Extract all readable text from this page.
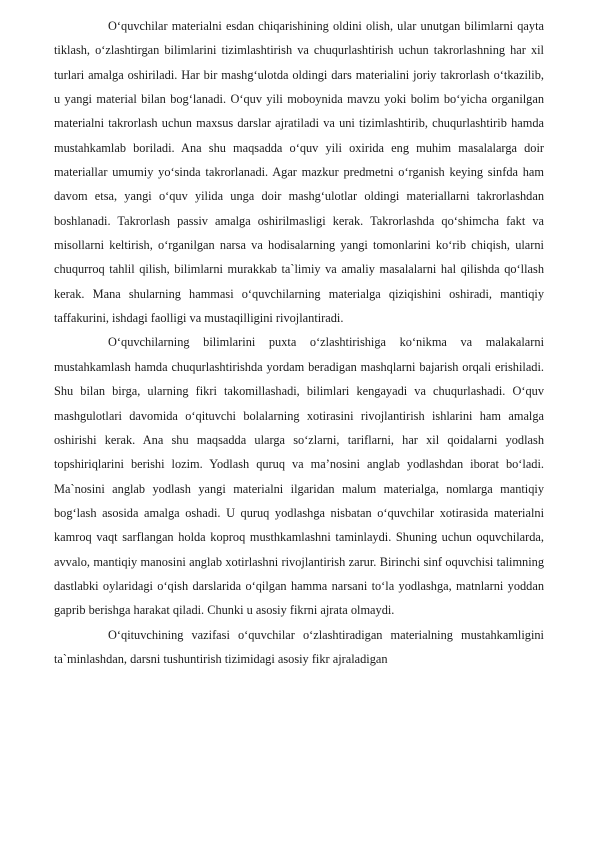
O‘quvchilar materialni esdan chiqarishining oldini olish, ular unutgan bilimlarni qayta tiklash, o‘zlashtirgan bilimlarini tizimlashtirish va chuqurlashtirish uchun takrorlashning har xil turlari amalga oshiriladi. Har bir mashg‘ulotda oldingi dars materialini joriy takrorlash o‘tkazilib, u yangi material bilan bog‘lanadi. O‘quv yili moboynida mavzu yoki bolim bo‘yicha organilgan materialni takrorlash uchun maxsus darslar ajratiladi va uni tizimlashtirib, chuqurlashtirib hamda mustahkamlab boriladi. Ana shu maqsadda o‘quv yili oxirida eng muhim masalalarga doir materiallar umumiy yo‘sinda takrorlanadi. Agar mazkur predmetni o‘rganish keying sinfda ham davom etsa, yangi o‘quv yilida unga doir mashg‘ulotlar oldingi materiallarni takrorlashdan boshlanadi. Takrorlash passiv amalga oshirilmasligi kerak. Takrorlashda qo‘shimcha fakt va misollarni keltirish, o‘rganilgan narsa va hodisalarning yangi tomonlarini ko‘rib chiqish, ularni chuqurroq tahlil qilish, bilimlarni murakkab ta`limiy va amaliy masalalarni hal qilishda qo‘llash kerak. Mana shularning hammasi o‘quvchilarning materialga qiziqishini oshiradi, mantiqiy taffakurini, ishdagi faolligi va mustaqilligini rivojlantiradi.

O‘quvchilarning bilimlarini puxta o‘zlashtirishiga ko‘nikma va malakalarni mustahkamlash hamda chuqurlashtirishda yordam beradigan mashqlarni bajarish orqali erishiladi. Shu bilan birga, ularning fikri takomillashadi, bilimlari kengayadi va chuqurlashadi. O‘quv mashgulotlari davomida o‘qituvchi bolalarning xotirasini rivojlantirish ishlarini ham amalga oshirishi kerak. Ana shu maqsadda ularga so‘zlarni, tariflarni, har xil qoidalarni yodlash topshiriqlarini berishi lozim. Yodlash quruq va ma’nosini anglab yodlashdan iborat bo‘ladi. Ma`nosini anglab yodlash yangi materialni ilgaridan malum materialga, nomlarga mantiqiy bog‘lash asosida amalga oshadi. U quruq yodlashga nisbatan o‘quvchilar xotirasida materialni kamroq vaqt sarflangan holda koproq musthkamlashni taminlaydi. Shuning uchun oquvchilarda, avvalo, mantiqiy manosini anglab xotirlashni rivojlantirish zarur. Birinchi sinf oquvchisi talimning dastlabki oylaridagi o‘qish darslarida o‘qilgan hamma narsani to‘la yodlashga, matnlarni yoddan gaprib berishga harakat qiladi. Chunki u asosiy fikrni ajrata olmaydi.

O‘qituvchining vazifasi o‘quvchilar o‘zlashtiradigan materialning mustahkamligini ta`minlashdan, darsni tushuntirish tizimidagi asosiy fikr ajraladigan
